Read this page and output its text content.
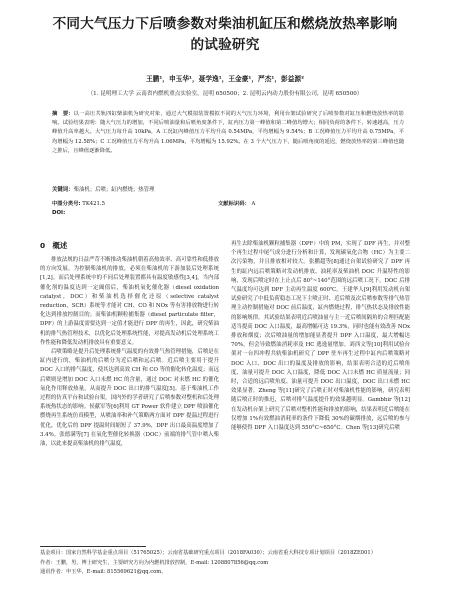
不同大气压力下后喷参数对柴油机缸压和燃烧放热率影响
的试验研究
王鹏¹，申玉华¹，聂学逸¹，王金豪¹，严杰¹，彭益源²
（1. 昆明理工大学 云南省内燃机重点实验室，昆明 650500；2. 昆明云内动力股份有限公司，昆明 650500）
摘　要：以一高压共轨四缸柴油机为研究对象，通过大气模拟装置模拟不同的大气压力环境，利用台架试验研究了后喷参数对缸压和燃烧放热率的影响。试验结果表明：随大气压力的增加，不同后喷油量和后喷角度条件下，缸内压力第一峰值和第二峰值均增大；相同负荷的条件下，转速越高，压力峰值升高率越大。大气压力每升高 10kPa，A 工况缸内峰值压力平均升高 0.54MPa，平均增幅为 9.54%；B 工况峰值压力平均升高 0.75MPa，平均增幅为 12.58%；C 工况峰值压力平均升高 1.06MPa，平均增幅为 15.92%。在 3 个大气压力下，随后喷角度的延迟，燃烧放热率的第三峰值也随之推后，且峰值逐渐降低。
关键词：柴油机；后喷；缸内燃烧；热管理
中图分类号: TK421.5	文献标识码： A
DOI:
0　概述

排放法规的日益严苛不断推动柴油机朝着高热效率、高可靠性和低排放的方向发展。为控制柴油机的排放，必须在柴油机的下游加装后处理系统[1,2]。而后处理系统中的不同后处理装置都具有温度敏感性[3,4]，当内部催化剂的温度达到一定阈值后，柴油机氧化催化器（diesel oxidation catalyst，DOC）和柴油机选择催化还原（selective catalyst reduction，SCR）系统等才能对 CH、CO 和 NOx 等有害排放物进行转化达到排放控制目的；而柴油机颗粒捕集器（diesel particulate filter，DPF）的上游温度需要达到一定值才能进行 DPF 的再生，因此，研究柴油机的排气热管理技术，以优化后处理系统性能，对提高发动机后处理系统工作性能和降低发动机排放具有重要意义。

后喷策略是提升后处理系统排气温度的有效排气热管理措施，后喷是在缸内进行的，柴油机的后喷分为近后喷和远后喷。近后喷主要用于提升 DOC 入口的排气温度，使其达到高效 CH 和 CO 等的催化转化温度；而远后喷则是增加 DOC 入口未燃 HC 的含量，通过 DOC 对未燃 HC 的催化氧化作用释放热量，从而提升 DOC 出口的排气温度[5]。基于柴油机工作过程的仿真平台和试验台架，国内外的学者研究了后喷参数对整机和后处理系统热状态的影响。侯献军等[6]利用 GT Power 软件建立 DPF 喷油催化燃烧再生系统仿真模型，从喷油率和补气策略两方面对 DPF 提温过程进行优化，优化后的 DPF 提温时间缩短了 37.9%，DPF 出口最高温度增加了 3.4%。张德满等[7] 在氧化型催化转换器（DOC）前端的排气管中喷入柴油，以此来提高柴油机的排气温度，

再生去除柴油机颗粒捕集器（DPF）中的 PM，实现了 DPF 再生，并对整个再生过程中尾气成分进行分析和计算，发现碳氧化合物（HC）为主要二次污染物，并且排放相对较大。张鹏超等[8]通过台架试验研究了 DPF 再生的缸内远后喷策略对发动机排放、油耗率及柴油机 DOC 升温特性的影响，发现后喷定时在上止点后 80°~140°范围的远后喷工况下，DOC 后排气温度均可达到 DPF 主动再生温度 600℃。王建华人[9]利用发动机台架试验研究了中低负荷稳态工况下主喷正时、近后喷及次后喷参数等排气热管理主动控制措施对 DOC 前后温度，缸内燃烧过程，排气热状态及排放性能的影响规律。其试验结果表明近后喷油量与主一近后喷间隔角的合理匹配能适当提高 DOC 入口温度，最高增幅可达 19.3%，同时也能有效改善 NOx 排放和烟度；次后喷油量的增加能显著提升 DPF 入口温度，最大增幅达 70%，但会导致燃油消耗率及 HC 逃逸量增加。刘西文等[10]利用试验台架对一台四冲程共轨柴油机研究了 DPF 驻车再生过程中缸内后喷策略对 DOC 入口、DOC 出口的温度及排放的影响，结果表明合适的近后喷角度、油量可提升 DOC 入口温度，降低 DOC 入口未燃 HC 质量流量；同时，合适的远后喷角度、油量可提升 DOC 出口温度，DOC 出口未燃 HC 效果显著。Zheng 等[11]研究了后喷正时对柴油机性能的影响，研究表明随后喷正时的推迟，后喷对排气温度提升的效果越明显。Gambhir 等[12]在发动机台架上研究了后喷对整机性能和排放的影响，结果表明近后喷能在仅增加 1%有效燃油消耗率的条件下降低 30%的碳烟排放，远后喷的参与能够使得 DPF 入口温度达到 550°C~650°C。Chen 等[13]研究后喷

基金项目：国家自然科学基金重点项目（51765025）；云南省基础研究重点项目（2018FA030）；云南省重大科技专项计划项目（2018ZE001）
作者：王鹏，男，博士研究生，主要研究方向为内燃机排放控制，E-mail: 1208807856@qq.com
通讯作者：申玉华，E-mail: 815569621@qq.com。
